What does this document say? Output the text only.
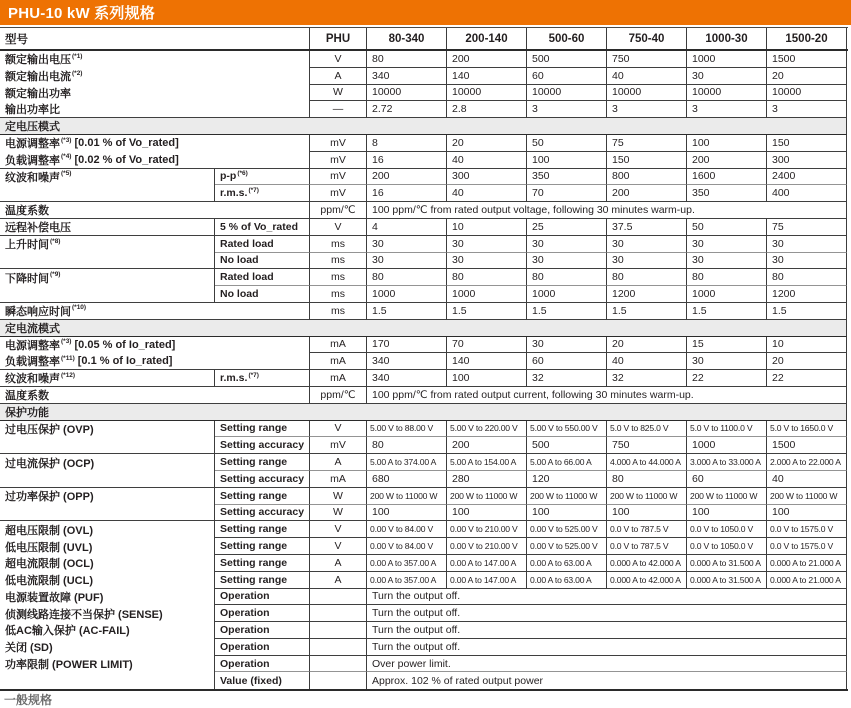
PHU-10 kW 系列规格
型号	PHU	80-340	200-140	500-60	750-40	1000-30	1500-20
额定输出电压$^{(*1)}$	V	80	200	500	750	1000	1500
额定输出电流$^{(*2)}$	A	340	140	60	40	30	20
额定输出功率	W	10000	10000	10000	10000	10000	10000
输出功率比	—	2.72	2.8	3	3	3	3
定电压模式
电源调整率$^{(*3)}$ [0.01 % of Vo_rated]	mV	8	20	50	75	100	150
负载调整率$^{(*4)}$ [0.02 % of Vo_rated]	mV	16	40	100	150	200	300
纹波和噪声$^{(*5)}$	$p-p^{(*6)}$	mV	200	300	350	800	1600	2400
r.m.s.$^{(*7)}$	mV	16	40	70	200	350	400
温度系数	ppm/℃	100 ppm/℃ from rated output voltage, following 30 minutes warm-up.
远程补偿电压	5 % of Vo_rated	V	4	10	25	37.5	50	75
上升时间$^{(*8)}$	Rated load	ms	30	30	30	30	30	30
No load	ms	30	30	30	30	30	30
下降时间$^{(*9)}$	Rated load	ms	80	80	80	80	80	80
No load	ms	1000	1000	1000	1200	1000	1200
瞬态响应时间$^{(*10)}$	ms	1.5	1.5	1.5	1.5	1.5	1.5
定电流模式
电源调整率$^{(*3)}$ [0.05 % of Io_rated]	mA	170	70	30	20	15	10
负载调整率$^{(*11)}$ [0.1 % of Io_rated]	mA	340	140	60	40	30	20
纹波和噪声$^{(*12)}$	r.m.s.$^{(*7)}$	mA	340	100	32	32	22	22
温度系数	ppm/℃	100 ppm/℃ from rated output current, following 30 minutes warm-up.
保护功能
过电压保护 (OVP)	Setting range	V	5.00 V to 88.00 V	5.00 V to 220.00 V	5.00 V to 550.00 V	5.0 V to 825.0 V	5.0 V to 1100.0 V	5.0 V to 1650.0 V
Setting accuracy	mV	80	200	500	750	1000	1500
过电流保护 (OCP)	Setting range	A	5.00 A to 374.00 A	5.00 A to 154.00 A	5.00 A to 66.00 A	4.000 A to 44.000 A	3.000 A to 33.000 A	2.000 A to 22.000 A
Setting accuracy	mA	680	280	120	80	60	40
过功率保护 (OPP)	Setting range	W	200 W to 11000 W	200 W to 11000 W	200 W to 11000 W	200 W to 11000 W	200 W to 11000 W	200 W to 11000 W
Setting accuracy	W	100	100	100	100	100	100
超电压限制 (OVL)	Setting range	V	0.00 V to 84.00 V	0.00 V to 210.00 V	0.00 V to 525.00 V	0.0 V to 787.5 V	0.0 V to 1050.0 V	0.0 V to 1575.0 V
低电压限制 (UVL)	Setting range	V	0.00 V to 84.00 V	0.00 V to 210.00 V	0.00 V to 525.00 V	0.0 V to 787.5 V	0.0 V to 1050.0 V	0.0 V to 1575.0 V
超电流限制 (OCL)	Setting range	A	0.00 A to 357.00 A	0.00 A to 147.00 A	0.00 A to 63.00 A	0.000 A to 42.000 A	0.000 A to 31.500 A	0.000 A to 21.000 A
低电流限制 (UCL)	Setting range	A	0.00 A to 357.00 A	0.00 A to 147.00 A	0.00 A to 63.00 A	0.000 A to 42.000 A	0.000 A to 31.500 A	0.000 A to 21.000 A
电源装置故障 (PUF)	Operation	Turn the output off.
侦测线路连接不当保护 (SENSE)	Operation	Turn the output off.
低AC输入保护 (AC-FAIL)	Operation	Turn the output off.
关闭 (SD)	Operation	Turn the output off.
功率限制 (POWER LIMIT)	Operation	Over power limit.
Value (fixed)	Approx. 102 % of rated output power
一般规格
